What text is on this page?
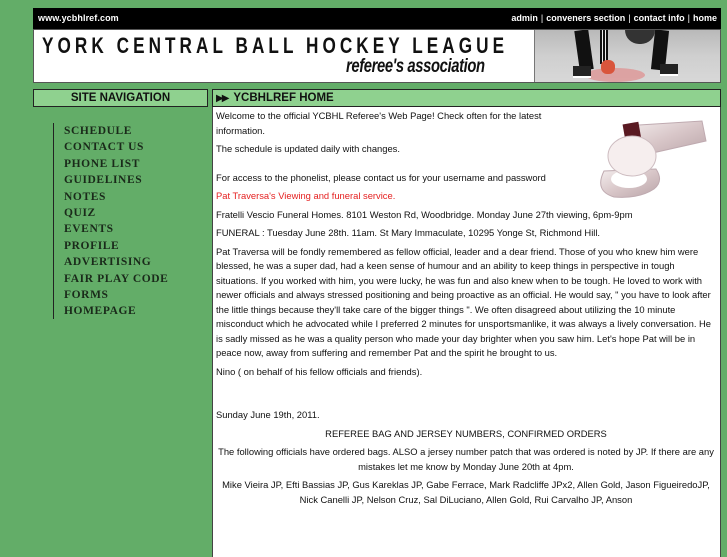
www.ycbhlref.com	admin | conveners section | contact info | home
YORK CENTRAL BALL HOCKEY LEAGUE
referee's association
SITE NAVIGATION
SCHEDULE
CONTACT US
PHONE LIST
GUIDELINES
NOTES
QUIZ
EVENTS
PROFILE
ADVERTISING
FAIR PLAY CODE
FORMS
HOMEPAGE
▶▶ YCBHLREF HOME

Welcome to the official YCBHL Referee's Web Page! Check often for the latest information.

The schedule is updated daily with changes.

For access to the phonelist, please contact us for your username and password

Pat Traversa's Viewing and funeral service.

Fratelli Vescio Funeral Homes. 8101 Weston Rd, Woodbridge. Monday June 27th viewing, 6pm-9pm

FUNERAL : Tuesday June 28th. 11am. St Mary Immaculate, 10295 Yonge St, Richmond Hill.

Pat Traversa will be fondly remembered as fellow official, leader and a dear friend. Those of you who knew him were blessed, he was a super dad, had a keen sense of humour and an ability to keep things in perspective in tough situations. If you worked with him, you were lucky, he was fun and also knew when to be tough. He loved to work with newer officials and always stressed positioning and being proactive as an official. He would say, " you have to look after the little things because they'll take care of the bigger things ". We often disagreed about utilizing the 10 minute misconduct which he advocated while I preferred 2 minutes for unsportsmanlike, it was always a lively conversation. He is sadly missed as he was a quality person who made your day brighter when you saw him. Let's hope Pat will be in peace now, away from suffering and remember Pat and the spirit he brought to us.

Nino ( on behalf of his fellow officials and friends).

Sunday June 19th, 2011.

REFEREE BAG AND JERSEY NUMBERS, CONFIRMED ORDERS

The following officials have ordered bags. ALSO a jersey number patch that was ordered is noted by JP. If there are any mistakes let me know by Monday June 20th at 4pm.

Mike Vieira JP, Efti Bassias JP, Gus Kareklas JP, Gabe Ferrace, Mark Radcliffe JPx2, Allen Gold, Jason FigueiredoJP, Nick Canelli JP, Nelson Cruz, Sal DiLuciano, Allen Gold, Rui Carvalho JP, Anson
